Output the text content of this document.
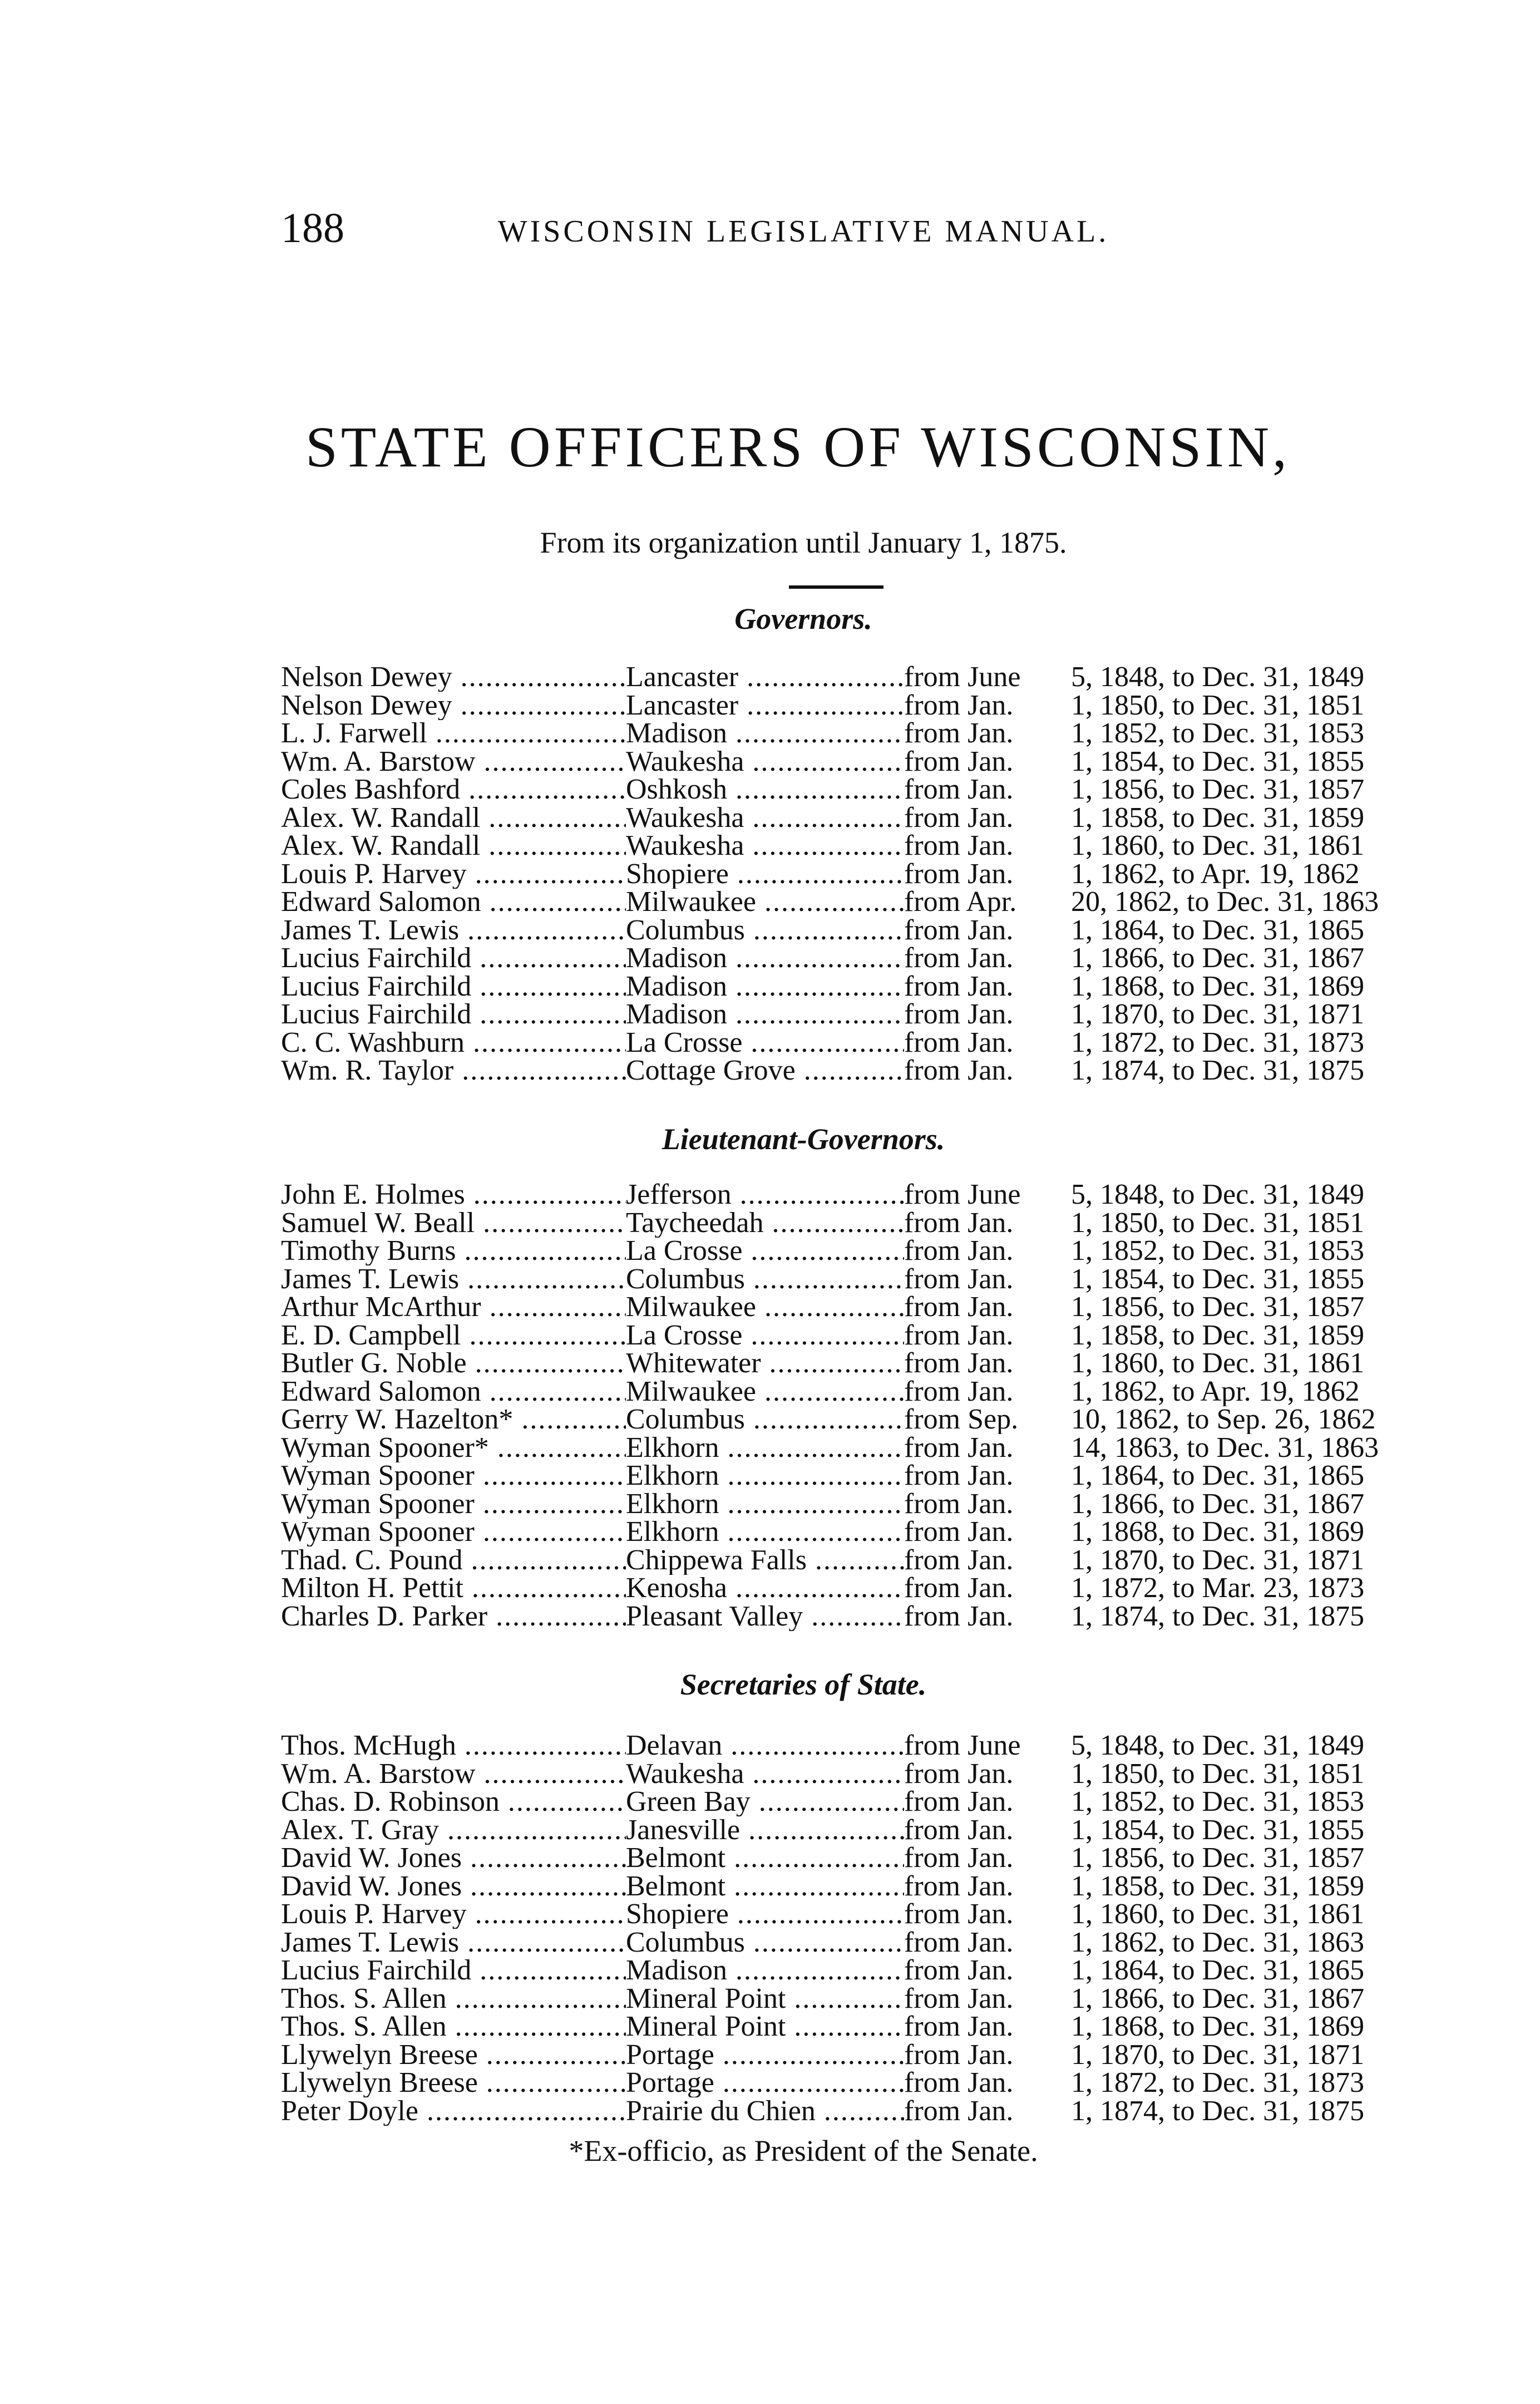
188	WISCONSIN LEGISLATIVE MANUAL.
STATE OFFICERS OF WISCONSIN,
From its organization until January 1, 1875.
Governors.
Nelson Dewey .....	Lancaster .....	from June	5, 1848, to Dec. 31, 1849
Nelson Dewey .....	Lancaster .....	from Jan.	1, 1850, to Dec. 31, 1851
L. J. Farwell .....	Madison .....	from Jan.	1, 1852, to Dec. 31, 1853
Wm. A. Barstow .....	Waukesha .....	from Jan.	1, 1854, to Dec. 31, 1855
Coles Bashford .....	Oshkosh .....	from Jan.	1, 1856, to Dec. 31, 1857
Alex. W. Randall .....	Waukesha .....	from Jan.	1, 1858, to Dec. 31, 1859
Alex. W. Randall .....	Waukesha .....	from Jan.	1, 1860, to Dec. 31, 1861
Louis P. Harvey .....	Shopiere .....	from Jan.	1, 1862, to Apr. 19, 1862
Edward Salomon .....	Milwaukee .....	from Apr.	20, 1862, to Dec. 31, 1863
James T. Lewis .....	Columbus .....	from Jan.	1, 1864, to Dec. 31, 1865
Lucius Fairchild .....	Madison .....	from Jan.	1, 1866, to Dec. 31, 1867
Lucius Fairchild .....	Madison .....	from Jan.	1, 1868, to Dec. 31, 1869
Lucius Fairchild .....	Madison .....	from Jan.	1, 1870, to Dec. 31, 1871
C. C. Washburn .....	La Crosse .....	from Jan.	1, 1872, to Dec. 31, 1873
Wm. R. Taylor .....	Cottage Grove .....	from Jan.	1, 1874, to Dec. 31, 1875
Lieutenant-Governors.
John E. Holmes .....	Jefferson .....	from June	5, 1848, to Dec. 31, 1849
Samuel W. Beall .....	Taycheedah .....	from Jan.	1, 1850, to Dec. 31, 1851
Timothy Burns .....	La Crosse .....	from Jan.	1, 1852, to Dec. 31, 1853
James T. Lewis .....	Columbus .....	from Jan.	1, 1854, to Dec. 31, 1855
Arthur McArthur .....	Milwaukee .....	from Jan.	1, 1856, to Dec. 31, 1857
E. D. Campbell .....	La Crosse .....	from Jan.	1, 1858, to Dec. 31, 1859
Butler G. Noble .....	Whitewater .....	from Jan.	1, 1860, to Dec. 31, 1861
Edward Salomon .....	Milwaukee .....	from Jan.	1, 1862, to Apr. 19, 1862
Gerry W. Hazelton* .....	Columbus .....	from Sep.	10, 1862, to Sep. 26, 1862
Wyman Spooner* .....	Elkhorn .....	from Jan.	14, 1863, to Dec. 31, 1863
Wyman Spooner .....	Elkhorn .....	from Jan.	1, 1864, to Dec. 31, 1865
Wyman Spooner .....	Elkhorn .....	from Jan.	1, 1866, to Dec. 31, 1867
Wyman Spooner .....	Elkhorn .....	from Jan.	1, 1868, to Dec. 31, 1869
Thad. C. Pound .....	Chippewa Falls .....	from Jan.	1, 1870, to Dec. 31, 1871
Milton H. Pettit .....	Kenosha .....	from Jan.	1, 1872, to Mar. 23, 1873
Charles D. Parker .....	Pleasant Valley .....	from Jan.	1, 1874, to Dec. 31, 1875
Secretaries of State.
Thos. McHugh .....	Delavan .....	from June	5, 1848, to Dec. 31, 1849
Wm. A. Barstow .....	Waukesha .....	from Jan.	1, 1850, to Dec. 31, 1851
Chas. D. Robinson .....	Green Bay .....	from Jan.	1, 1852, to Dec. 31, 1853
Alex. T. Gray .....	Janesville .....	from Jan.	1, 1854, to Dec. 31, 1855
David W. Jones .....	Belmont .....	from Jan.	1, 1856, to Dec. 31, 1857
David W. Jones .....	Belmont .....	from Jan.	1, 1858, to Dec. 31, 1859
Louis P. Harvey .....	Shopiere .....	from Jan.	1, 1860, to Dec. 31, 1861
James T. Lewis .....	Columbus .....	from Jan.	1, 1862, to Dec. 31, 1863
Lucius Fairchild .....	Madison .....	from Jan.	1, 1864, to Dec. 31, 1865
Thos. S. Allen .....	Mineral Point .....	from Jan.	1, 1866, to Dec. 31, 1867
Thos. S. Allen .....	Mineral Point .....	from Jan.	1, 1868, to Dec. 31, 1869
Llywelyn Breese .....	Portage .....	from Jan.	1, 1870, to Dec. 31, 1871
Llywelyn Breese .....	Portage .....	from Jan.	1, 1872, to Dec. 31, 1873
Peter Doyle .....	Prairie du Chien .....	from Jan.	1, 1874, to Dec. 31, 1875
*Ex-officio, as President of the Senate.
